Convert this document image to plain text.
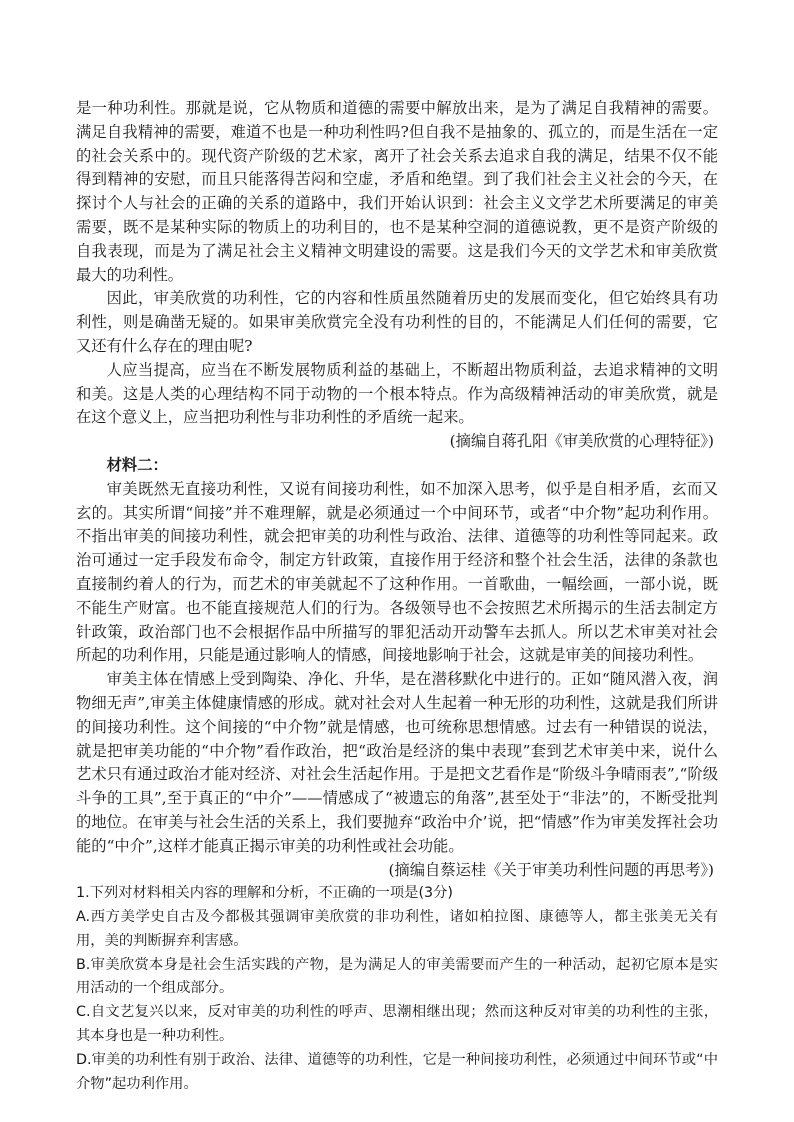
是一种功利性。那就是说，它从物质和道德的需要中解放出来，是为了满足自我精神的需要。满足自我精神的需要，难道不也是一种功利性吗?但自我不是抽象的、孤立的，而是生活在一定的社会关系中的。现代资产阶级的艺术家，离开了社会关系去追求自我的满足，结果不仅不能得到精神的安慰，而且只能落得苦闷和空虚，矛盾和绝望。到了我们社会主义社会的今天，在探讨个人与社会的正确的关系的道路中，我们开始认识到：社会主义文学艺术所要满足的审美需要，既不是某种实际的物质上的功利目的，也不是某种空洞的道德说教，更不是资产阶级的自我表现，而是为了满足社会主义精神文明建设的需要。这是我们今天的文学艺术和审美欣赏最大的功利性。

因此，审美欣赏的功利性，它的内容和性质虽然随着历史的发展而变化，但它始终具有功利性，则是确凿无疑的。如果审美欣赏完全没有功利性的目的，不能满足人们任何的需要，它又还有什么存在的理由呢?

人应当提高，应当在不断发展物质利益的基础上，不断超出物质利益，去追求精神的文明和美。这是人类的心理结构不同于动物的一个根本特点。作为高级精神活动的审美欣赏，就是在这个意义上，应当把功利性与非功利性的矛盾统一起来。

(摘编自蒋孔阳《审美欣赏的心理特征》)

材料二：

审美既然无直接功利性，又说有间接功利性，如不加深入思考，似乎是自相矛盾，玄而又玄的。其实所谓“间接”并不难理解，就是必须通过一个中间环节，或者“中介物”起功利作用。不指出审美的间接功利性，就会把审美的功利性与政治、法律、道德等的功利性等同起来。政治可通过一定手段发布命令，制定方针政策，直接作用于经济和整个社会生活，法律的条款也直接制约着人的行为，而艺术的审美就起不了这种作用。一首歌曲，一幅绘画，一部小说，既不能生产财富。也不能直接规范人们的行为。各级领导也不会按照艺术所揭示的生活去制定方针政策，政治部门也不会根据作品中所描写的罪犯活动开动警车去抓人。所以艺术审美对社会所起的功利作用，只能是通过影响人的情感，间接地影响于社会，这就是审美的间接功利性。

审美主体在情感上受到陶染、净化、升华，是在潜移默化中进行的。正如“随风潜入夜，润物细无声”,审美主体健康情感的形成。就对社会对人生起着一种无形的功利性，这就是我们所讲的间接功利性。这个间接的“中介物”就是情感，也可统称思想情感。过去有一种错误的说法，就是把审美功能的“中介物”看作政治，把“政治是经济的集中表现”套到艺术审美中来，说什么艺术只有通过政治才能对经济、对社会生活起作用。于是把文艺看作是“阶级斗争晴雨表”,“阶级斗争的工具”,至于真正的“中介”——情感成了“被遗忘的角落”,甚至处于“非法”的，不断受批判的地位。在审美与社会生活的关系上，我们要抛弃“政治中介’说，把“情感”作为审美发挥社会功能的“中介”,这样才能真正揭示审美的功利性或社会功能。

(摘编自蔡运桂《关于审美功利性问题的再思考》)

1.下列对材料相关内容的理解和分析，不正确的一项是(3分)

A.西方美学史自古及今都极其强调审美欣赏的非功利性，诸如柏拉图、康德等人，都主张美无关有用，美的判断摒弃利害感。

B.审美欣赏本身是社会生活实践的产物，是为满足人的审美需要而产生的一种活动，起初它原本是实用活动的一个组成部分。

C.自文艺复兴以来，反对审美的功利性的呼声、思潮相继出现；然而这种反对审美的功利性的主张，其本身也是一种功利性。

D.审美的功利性有别于政治、法律、道德等的功利性，它是一种间接功利性，必须通过中间环节或“中介物”起功利作用。
